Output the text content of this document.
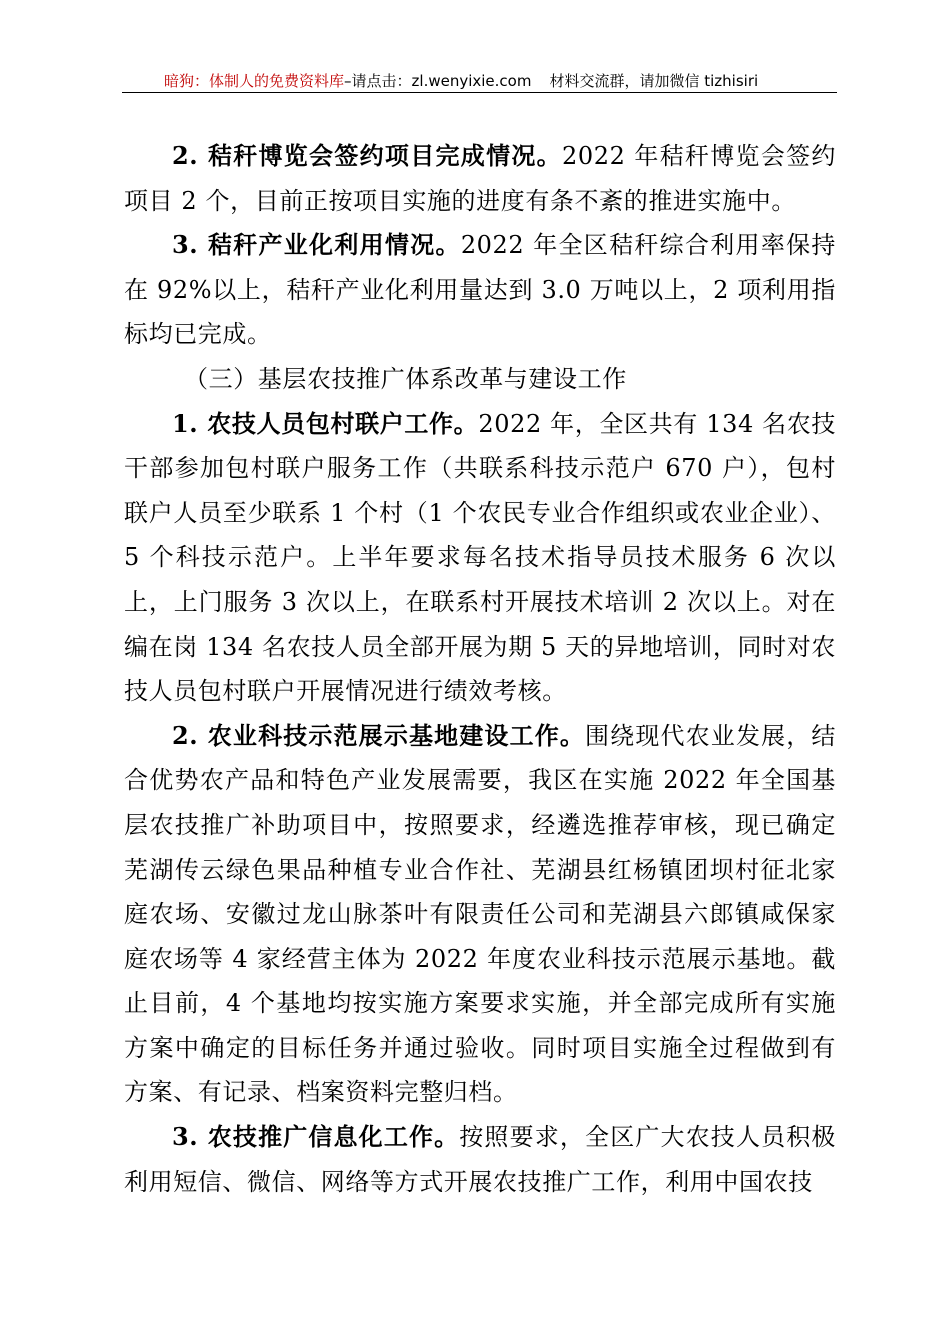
暗狗：体制人的免费资料库–请点击：zl.wenyixie.com 材料交流群，请加微信 tizhisiri

2. 秸秆博览会签约项目完成情况。2022 年秸秆博览会签约项目 2 个，目前正按项目实施的进度有条不紊的推进实施中。

3. 秸秆产业化利用情况。2022 年全区秸秆综合利用率保持在 92%以上，秸秆产业化利用量达到 3.0 万吨以上，2 项利用指标均已完成。

（三）基层农技推广体系改革与建设工作

1. 农技人员包村联户工作。2022 年，全区共有 134 名农技干部参加包村联户服务工作（共联系科技示范户 670 户），包村联户人员至少联系 1 个村（1 个农民专业合作组织或农业企业）、5 个科技示范户。上半年要求每名技术指导员技术服务 6 次以上，上门服务 3 次以上，在联系村开展技术培训 2 次以上。对在编在岗 134 名农技人员全部开展为期 5 天的异地培训，同时对农技人员包村联户开展情况进行绩效考核。

2. 农业科技示范展示基地建设工作。围绕现代农业发展，结合优势农产品和特色产业发展需要，我区在实施 2022 年全国基层农技推广补助项目中，按照要求，经遴选推荐审核，现已确定芜湖传云绿色果品种植专业合作社、芜湖县红杨镇团坝村征北家庭农场、安徽过龙山脉茶叶有限责任公司和芜湖县六郎镇咸保家庭农场等 4 家经营主体为 2022 年度农业科技示范展示基地。截止目前，4 个基地均按实施方案要求实施，并全部完成所有实施方案中确定的目标任务并通过验收。同时项目实施全过程做到有方案、有记录、档案资料完整归档。

3. 农技推广信息化工作。按照要求，全区广大农技人员积极利用短信、微信、网络等方式开展农技推广工作，利用中国农技
